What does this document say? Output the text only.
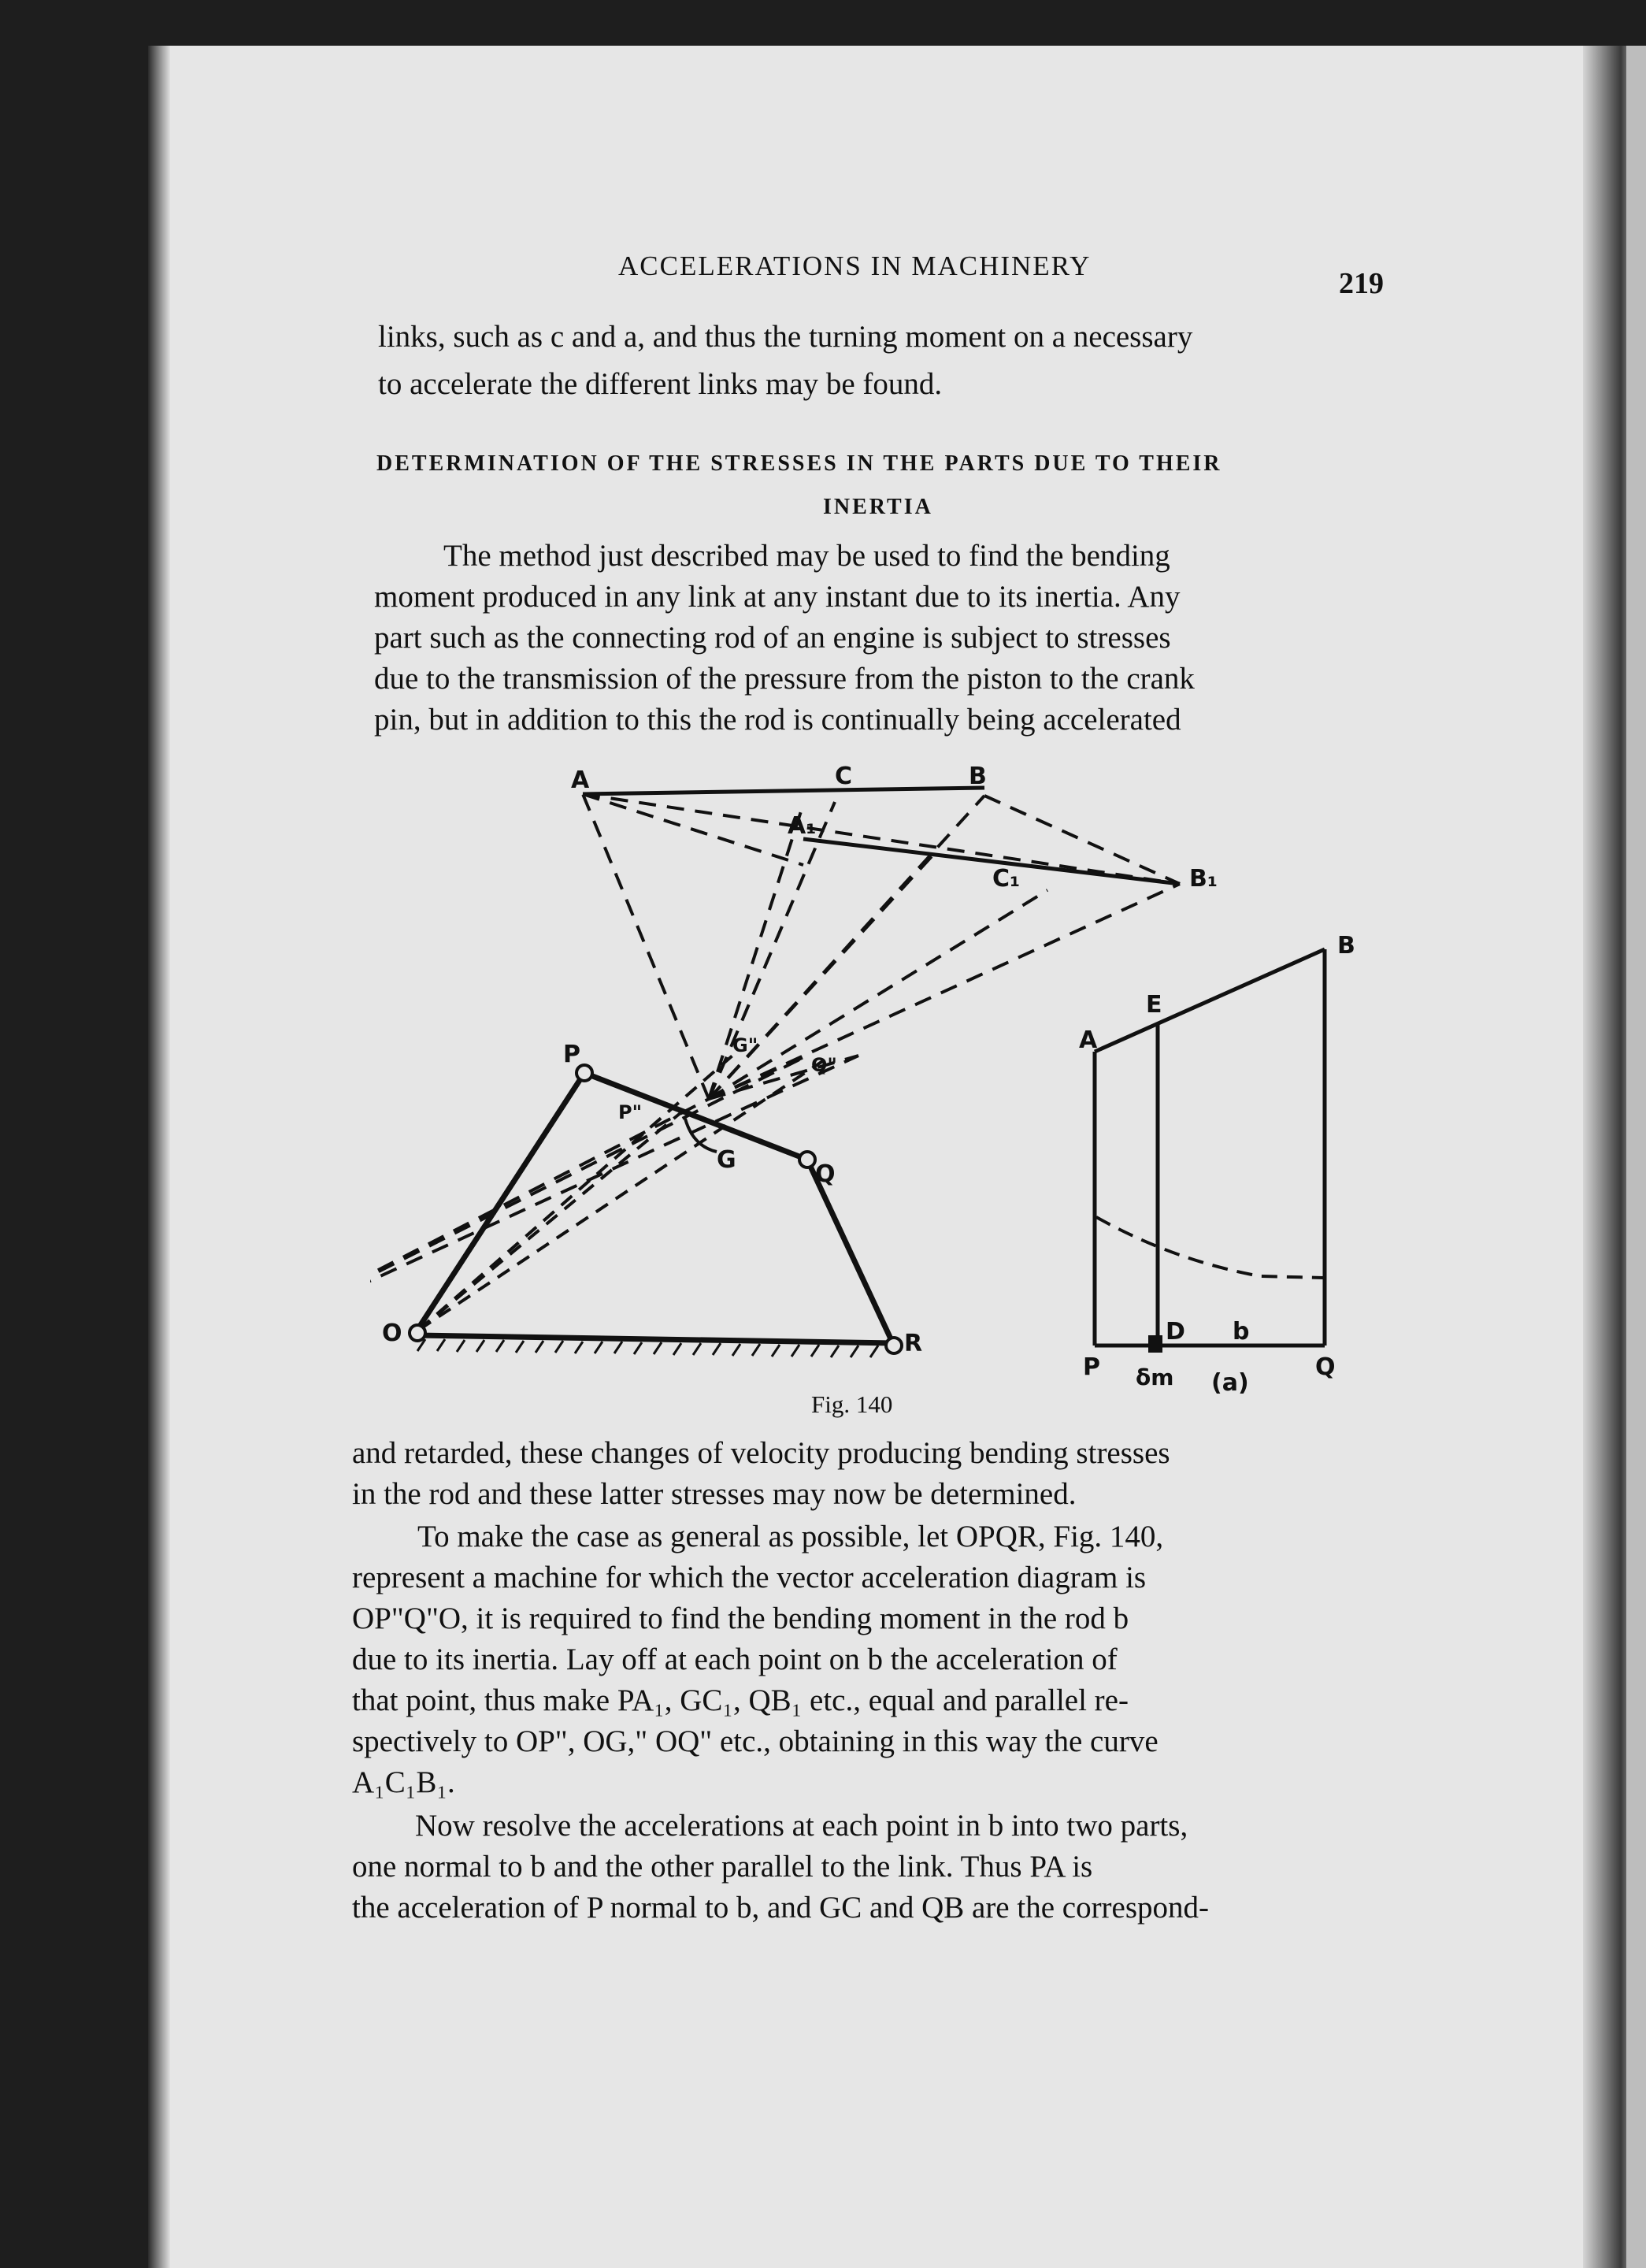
ACCELERATIONS IN MACHINERY
219
links, such as c and a, and thus the turning moment on a necessary
to accelerate the different links may be found.
DETERMINATION OF THE STRESSES IN THE PARTS DUE TO THEIR
INERTIA
The method just described may be used to find the bending
moment produced in any link at any instant due to its inertia. Any
part such as the connecting rod of an engine is subject to stresses
due to the transmission of the pressure from the piston to the crank
pin, but in addition to this the rod is continually being accelerated
A	C	B
A₁
C₁	B₁
P
P"
G
G"
Q"
Q
O	R
A
E
B
D b
P	Q
δm (a)
Fig. 140
and retarded, these changes of velocity producing bending stresses
in the rod and these latter stresses may now be determined.
To make the case as general as possible, let OPQR, Fig. 140,
represent a machine for which the vector acceleration diagram is
OP"Q"O, it is required to find the bending moment in the rod b
due to its inertia. Lay off at each point on b the acceleration of
that point, thus make PA₁, GC₁, QB₁ etc., equal and parallel re-
spectively to OP", OG," OQ" etc., obtaining in this way the curve
A₁C₁B₁.
Now resolve the accelerations at each point in b into two parts,
one normal to b and the other parallel to the link. Thus PA is
the acceleration of P normal to b, and GC and QB are the correspond-
